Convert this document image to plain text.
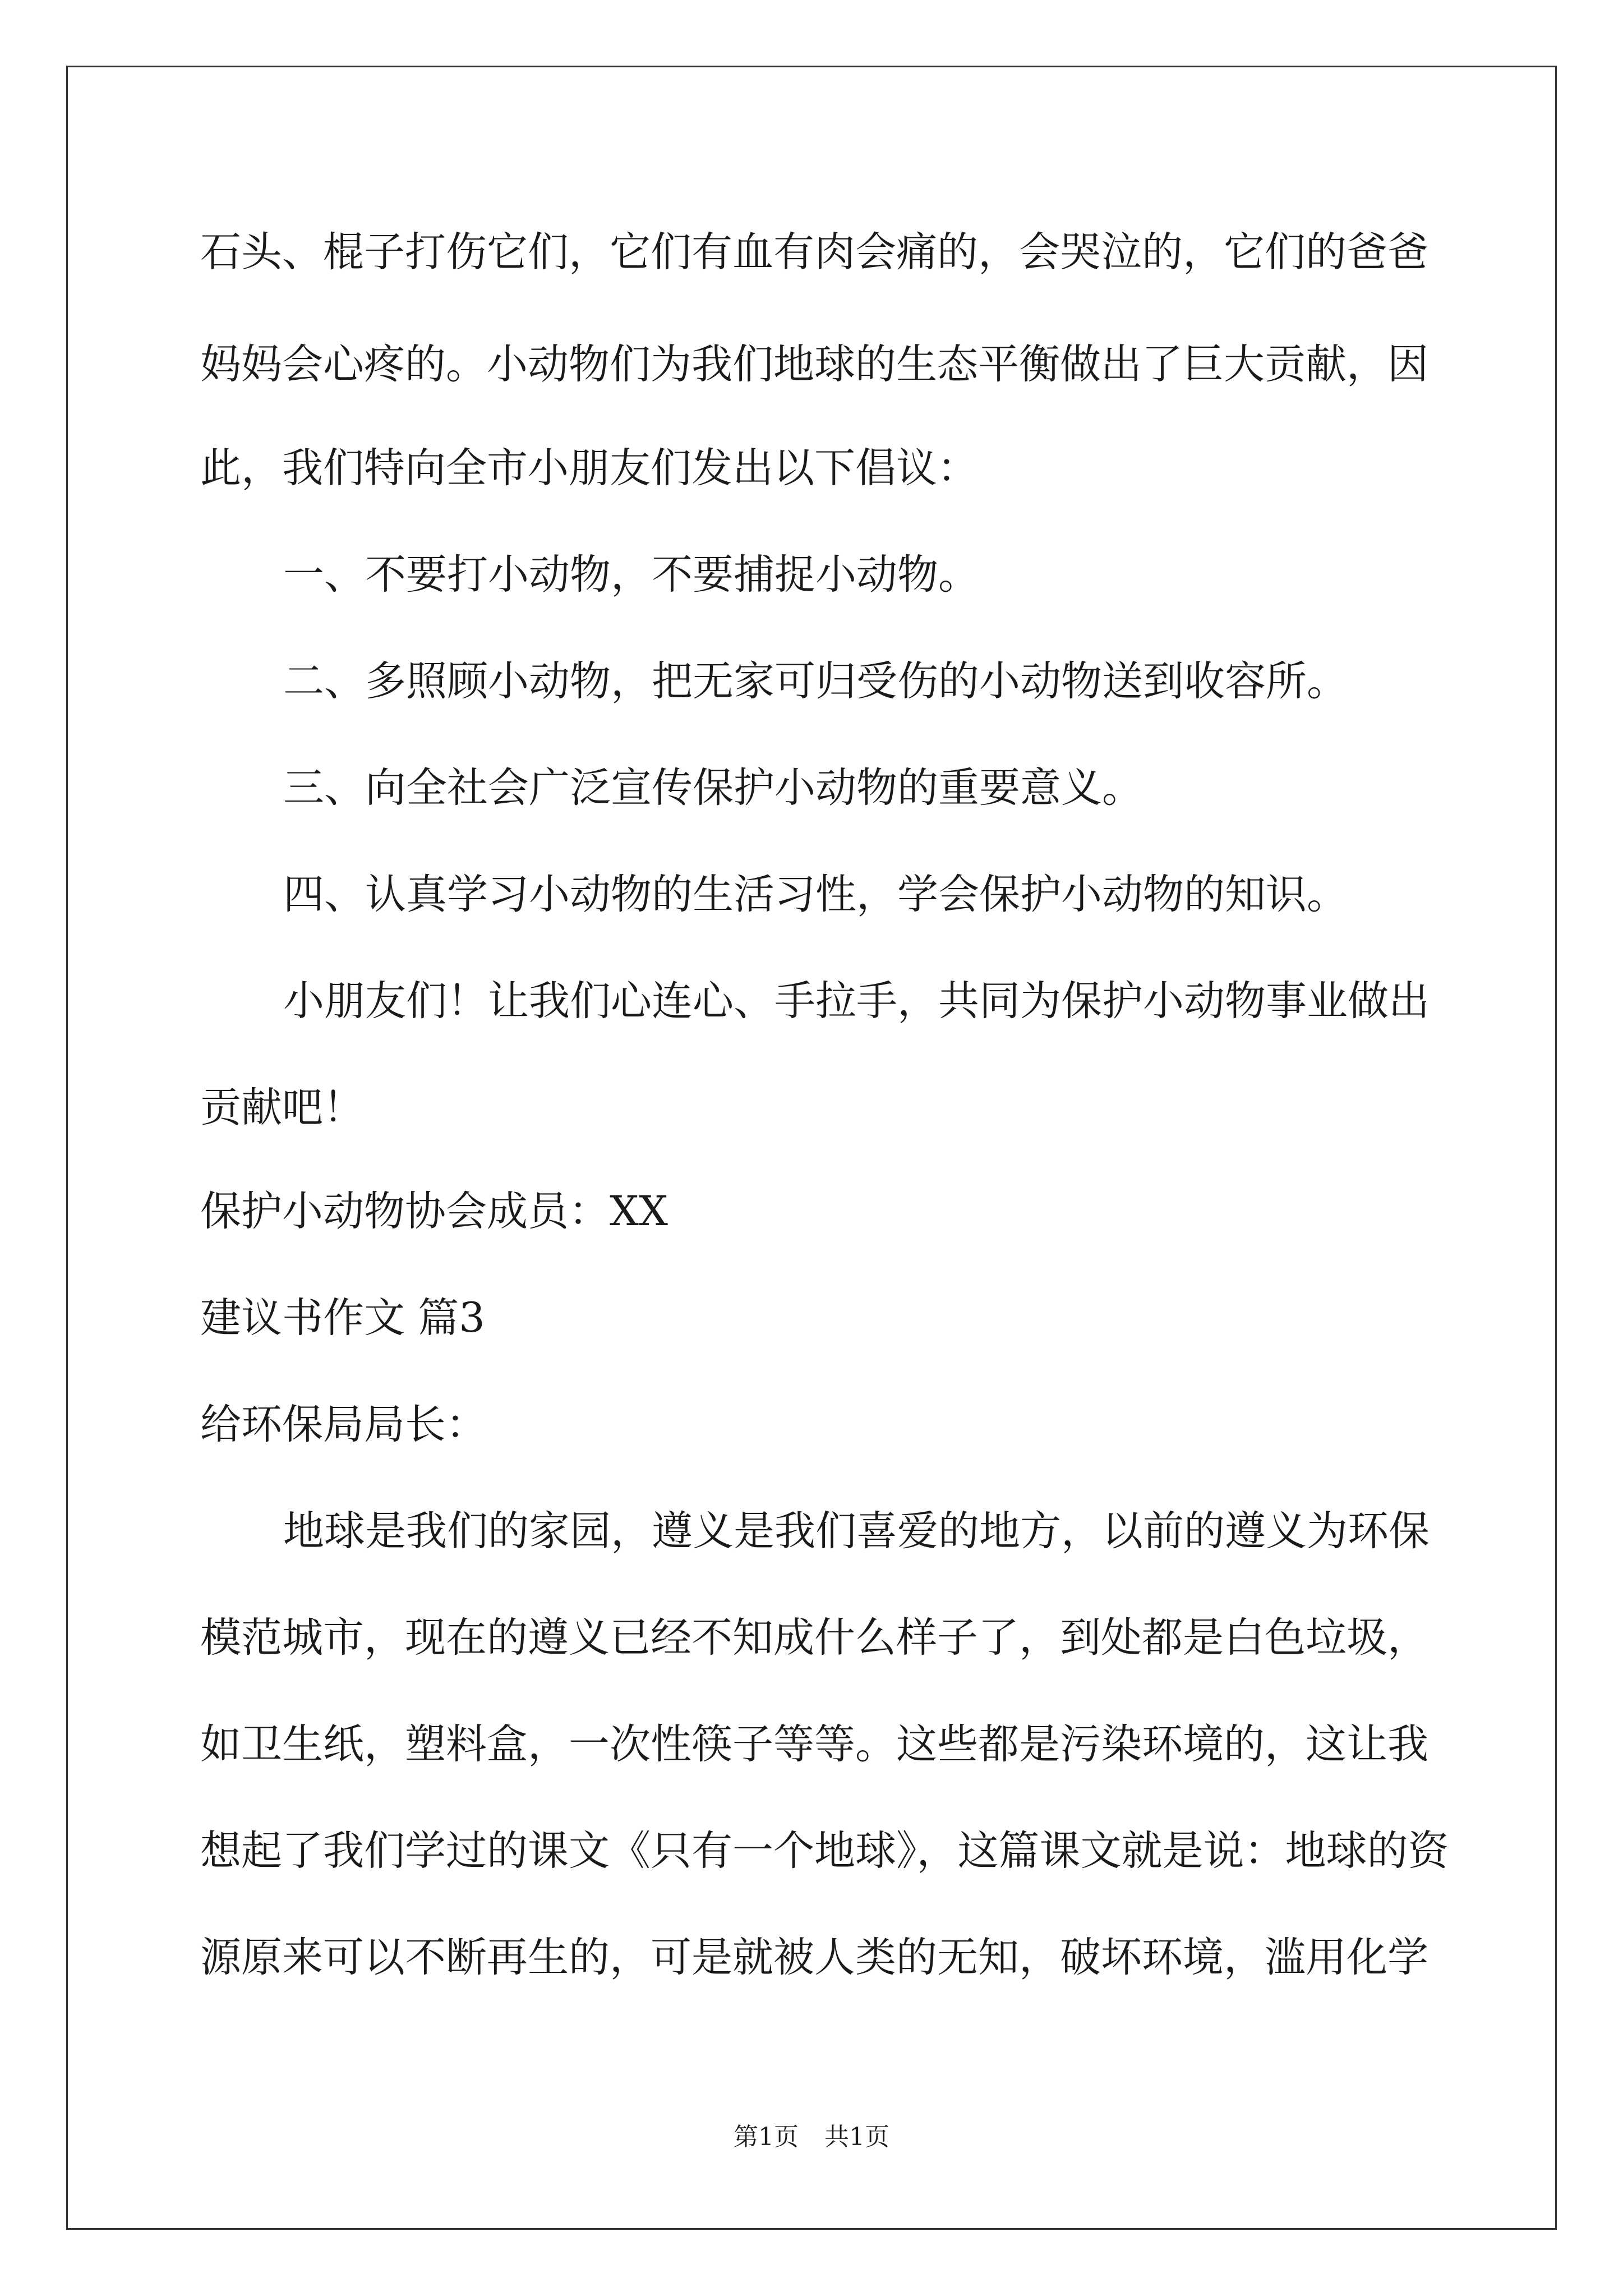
石头、棍子打伤它们，它们有血有肉会痛的，会哭泣的，它们的爸爸
妈妈会心疼的。小动物们为我们地球的生态平衡做出了巨大贡献，因
此，我们特向全市小朋友们发出以下倡议：
一、不要打小动物，不要捕捉小动物。
二、多照顾小动物，把无家可归受伤的小动物送到收容所。
三、向全社会广泛宣传保护小动物的重要意义。
四、认真学习小动物的生活习性，学会保护小动物的知识。
小朋友们！让我们心连心、手拉手，共同为保护小动物事业做出
贡献吧！
保护小动物协会成员：XX
建议书作文 篇3
给环保局局长：
地球是我们的家园，遵义是我们喜爱的地方，以前的遵义为环保
模范城市，现在的遵义已经不知成什么样子了，到处都是白色垃圾，
如卫生纸，塑料盒，一次性筷子等等。这些都是污染环境的，这让我
想起了我们学过的课文《只有一个地球》，这篇课文就是说：地球的资
源原来可以不断再生的，可是就被人类的无知，破坏环境，滥用化学
第1页 共1页
